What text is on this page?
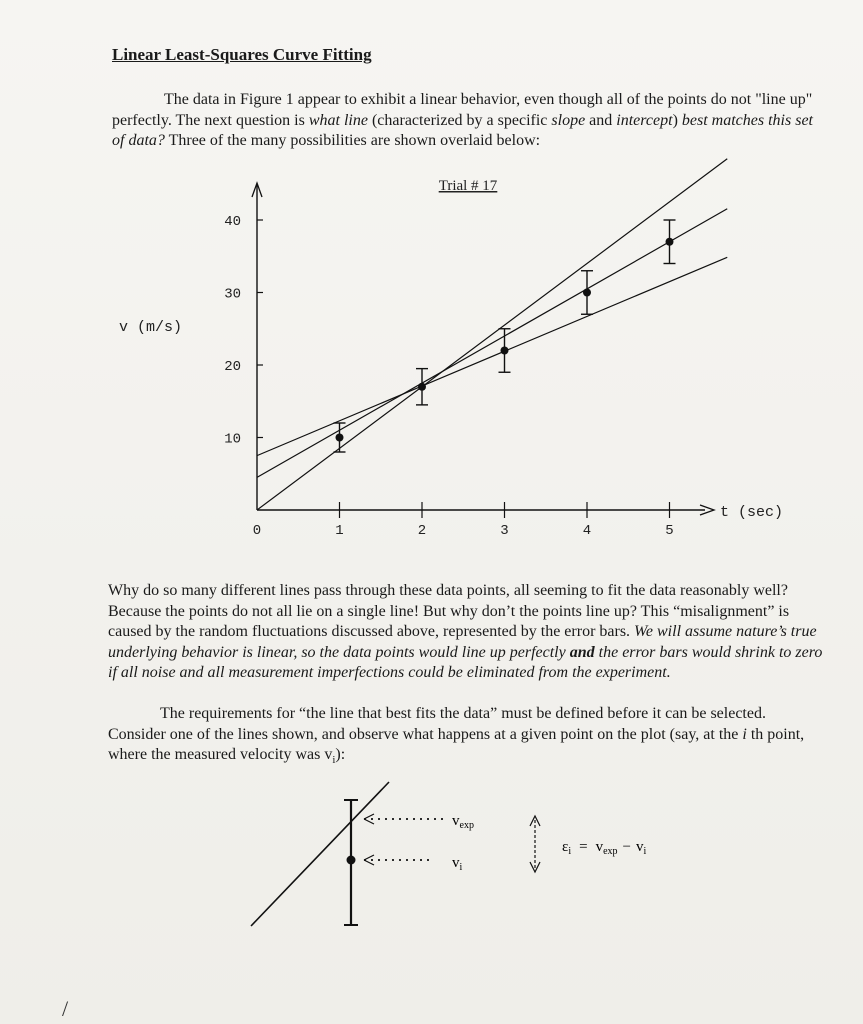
Linear Least-Squares Curve Fitting

The data in Figure 1 appear to exhibit a linear behavior, even though all of the points do not "line up" perfectly. The next question is what line (characterized by a specific slope and intercept) best matches this set of data? Three of the many possibilities are shown overlaid below:

0	1	2	3	4	5
10
20
30
40
t (sec)
v (m/s)
Trial # 17

Why do so many different lines pass through these data points, all seeming to fit the data reasonably well? Because the points do not all lie on a single line! But why don’t the points line up? This “misalignment” is caused by the random fluctuations discussed above, represented by the error bars. We will assume nature’s true underlying behavior is linear, so the data points would line up perfectly and the error bars would shrink to zero if all noise and all measurement imperfections could be eliminated from the experiment.

The requirements for “the line that best fits the data” must be defined before it can be selected. Consider one of the lines shown, and observe what happens at a given point on the plot (say, at the i th point, where the measured velocity was $v_i$):

$v_{exp}$
$v_i$
$\varepsilon_i = v_{exp} - v_i$
/
